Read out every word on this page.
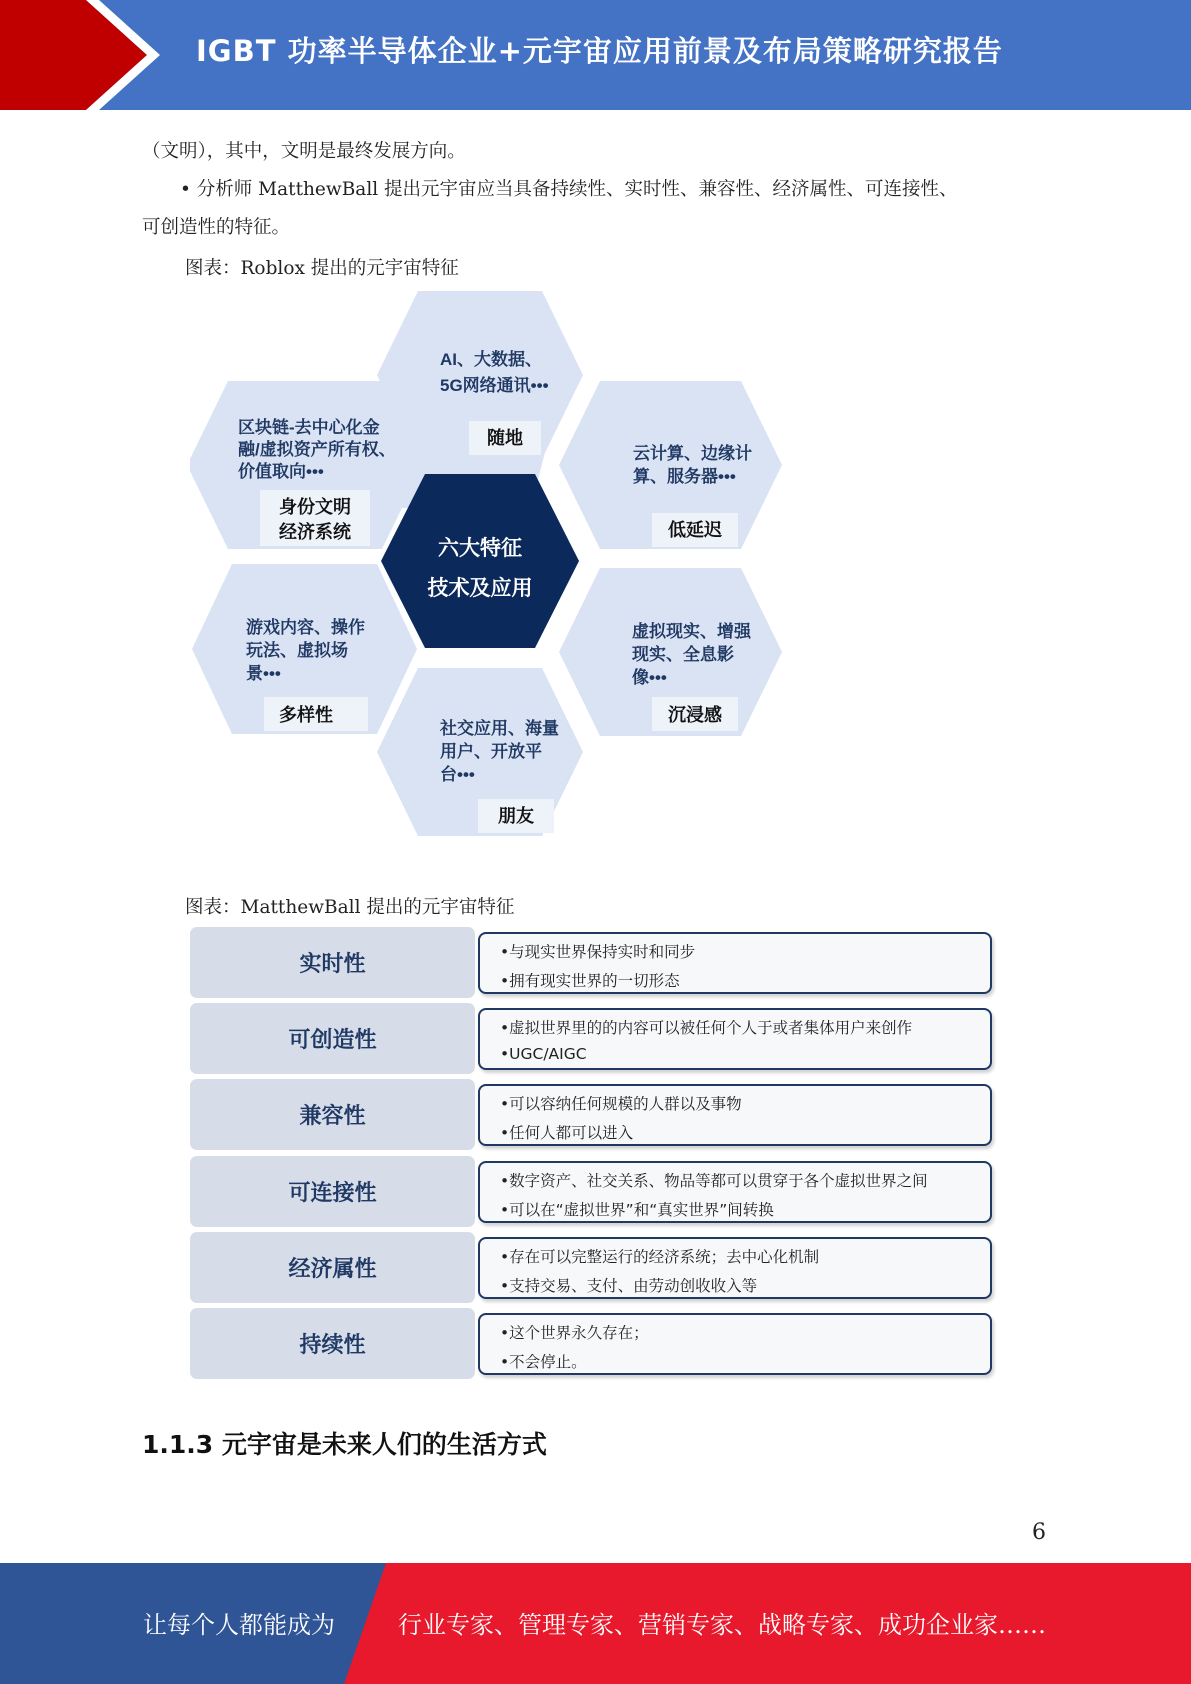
IGBT 功率半导体企业+元宇宙应用前景及布局策略研究报告
（文明），其中，文明是最终发展方向。
• 分析师 MatthewBall 提出元宇宙应当具备持续性、实时性、兼容性、经济属性、可连接性、
可创造性的特征。
图表：Roblox 提出的元宇宙特征
AI、大数据、
5G网络通讯•••
随地
区块链-去中心化金
融/虚拟资产所有权、
价值取向•••
身份文明
经济系统
云计算、边缘计
算、服务器•••
低延迟
六大特征
技术及应用
游戏内容、操作
玩法、虚拟场
景•••
多样性
虚拟现实、增强
现实、全息影
像•••
沉浸感
社交应用、海量
用户、开放平
台•••
朋友
图表：MatthewBall 提出的元宇宙特征
实时性	•与现实世界保持实时和同步
•拥有现实世界的一切形态
可创造性	•虚拟世界里的的内容可以被任何个人于或者集体用户来创作
•UGC/AIGC
兼容性	•可以容纳任何规模的人群以及事物
•任何人都可以进入
可连接性	•数字资产、社交关系、物品等都可以贯穿于各个虚拟世界之间
•可以在“虚拟世界”和“真实世界”间转换
经济属性	•存在可以完整运行的经济系统；去中心化机制
•支持交易、支付、由劳动创收收入等
持续性	•这个世界永久存在；
•不会停止。
1.1.3 元宇宙是未来人们的生活方式
6
让每个人都能成为	行业专家、管理专家、营销专家、战略专家、成功企业家……
